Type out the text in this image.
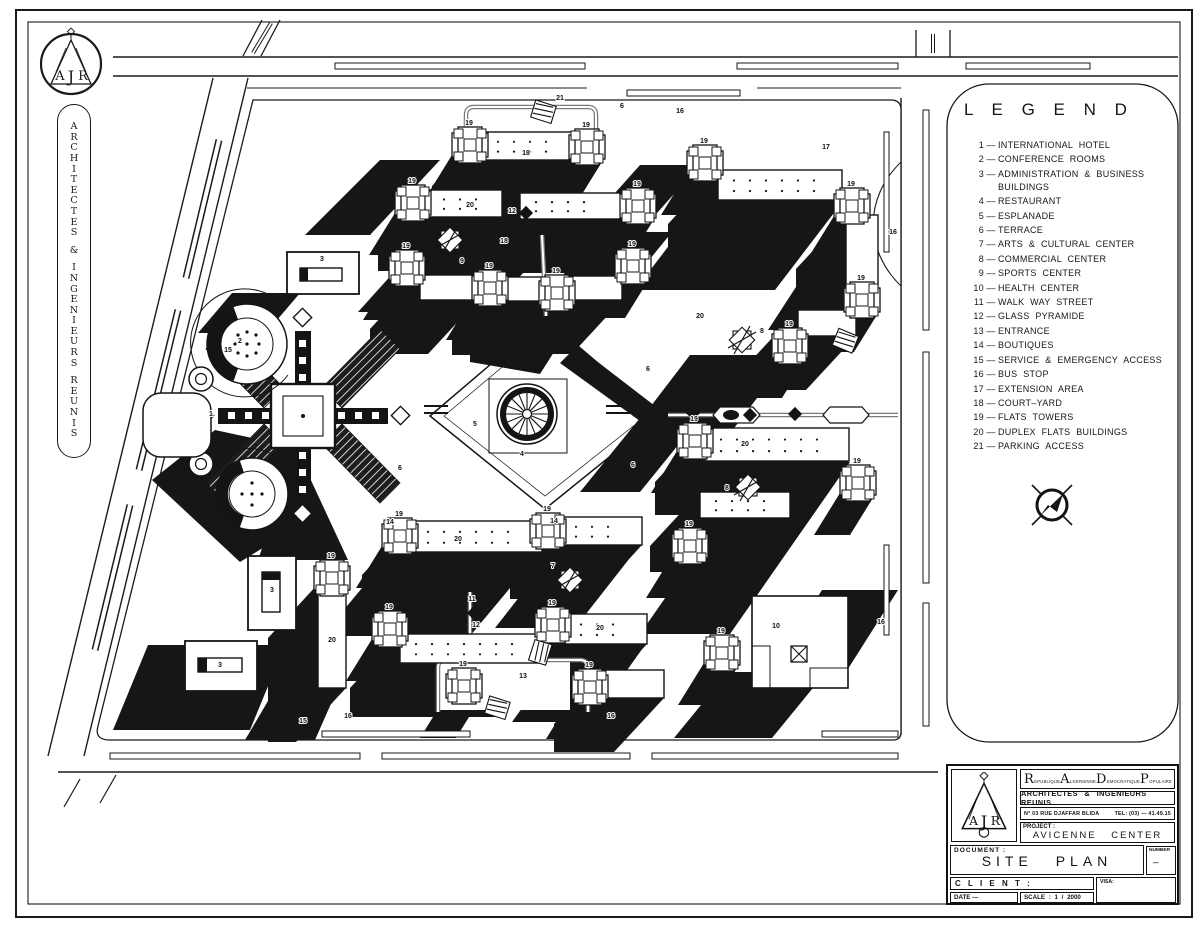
A R
J
1
2
3
3
3
4
5
6
6
6	6
7
8
8
9
10
11
12
12
13
14	14
15
15
16
16
16	16
16
17
18
18
20
20
20
20
20
20
21
19	19
19	19
19
19
19
19
19
19
19
19
19
19
19
19
19
19
19
19
19
19	19
A
R
C
H
I
T
E
C
T
E
S
&
I
N
G
E
N
I
E
U
R
S
R
E
U
N
I
S
L E G E N D
1 — INTERNATIONAL HOTEL
2 — CONFERENCE ROOMS
3 — ADMINISTRATION & BUSINESS
BUILDINGS
4 — RESTAURANT
5 — ESPLANADE
6 — TERRACE
7 — ARTS & CULTURAL CENTER
8 — COMMERCIAL CENTER
9 — SPORTS CENTER
10 — HEALTH CENTER
11 — WALK WAY STREET
12 — GLASS PYRAMIDE
13 — ENTRANCE
14 — BOUTIQUES
15 — SERVICE & EMERGENCY ACCESS
16 — BUS STOP
17 — EXTENSION AREA
18 — COURT–YARD
19 — FLATS TOWERS
20 — DUPLEX FLATS BUILDINGS
21 — PARKING ACCESS
A R
J
R EPUBLIQUE A LGERIENNE D EMOCRATIQUE P OPULAIRE
ARCHITECTES & INGENIEURS REUNIS
N° 03 RUE DJAFFAR BLIDA	TEL: (03) — 41.49.15
PROJECT :
AVICENNE CENTER
DOCUMENT :
SITE PLAN
NUMBER
_
C L I E N T :	VISA:
DATE —	SCALE : 1 / 2000
